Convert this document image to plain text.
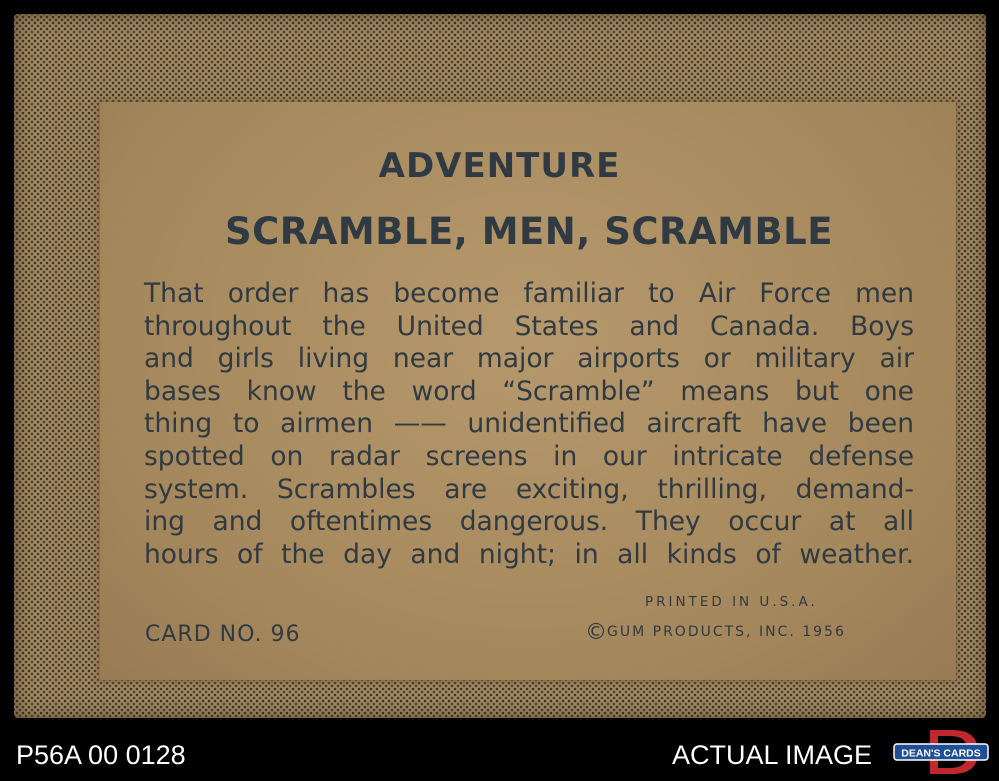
ADVENTURE
SCRAMBLE, MEN, SCRAMBLE
That order has become familiar to Air Force men
throughout the United States and Canada. Boys
and girls living near major airports or military air
bases know the word “Scramble” means but one
thing to airmen —— unidentified aircraft have been
spotted on radar screens in our intricate defense
system. Scrambles are exciting, thrilling, demand-
ing and oftentimes dangerous. They occur at all
hours of the day and night; in all kinds of weather.
PRINTED IN U.S.A.
CARD NO. 96	©GUM PRODUCTS, INC. 1956
P56A 00 0128	ACTUAL IMAGE	DEAN'S CARDS
